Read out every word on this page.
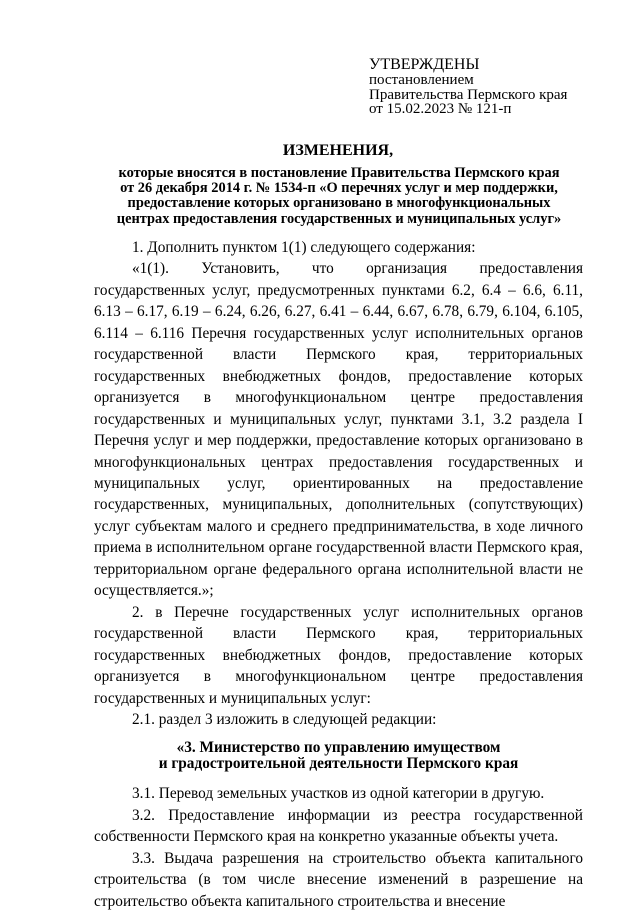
УТВЕРЖДЕНЫ
постановлением
Правительства Пермского края
от 15.02.2023 № 121-п
ИЗМЕНЕНИЯ,
которые вносятся в постановление Правительства Пермского края
от 26 декабря 2014 г. № 1534-п «О перечнях услуг и мер поддержки,
предоставление которых организовано в многофункциональных
центрах предоставления государственных и муниципальных услуг»

1. Дополнить пунктом 1(1) следующего содержания:

«1(1). Установить, что организация предоставления государственных услуг, предусмотренных пунктами 6.2, 6.4 – 6.6, 6.11, 6.13 – 6.17, 6.19 – 6.24, 6.26, 6.27, 6.41 – 6.44, 6.67, 6.78, 6.79, 6.104, 6.105, 6.114 – 6.116 Перечня государственных услуг исполнительных органов государственной власти Пермского края, территориальных государственных внебюджетных фондов, предоставление которых организуется в многофункциональном центре предоставления государственных и муниципальных услуг, пунктами 3.1, 3.2 раздела I Перечня услуг и мер поддержки, предоставление которых организовано в многофункциональных центрах предоставления государственных и муниципальных услуг, ориентированных на предоставление государственных, муниципальных, дополнительных (сопутствующих) услуг субъектам малого и среднего предпринимательства, в ходе личного приема в исполнительном органе государственной власти Пермского края, территориальном органе федерального органа исполнительной власти не осуществляется.»;

2. в Перечне государственных услуг исполнительных органов государственной власти Пермского края, территориальных государственных внебюджетных фондов, предоставление которых организуется в многофункциональном центре предоставления государственных и муниципальных услуг:

2.1. раздел 3 изложить в следующей редакции:

«3. Министерство по управлению имуществом
и градостроительной деятельности Пермского края

3.1. Перевод земельных участков из одной категории в другую.

3.2. Предоставление информации из реестра государственной собственности Пермского края на конкретно указанные объекты учета.

3.3. Выдача разрешения на строительство объекта капитального строительства (в том числе внесение изменений в разрешение на строительство объекта капитального строительства и внесение
